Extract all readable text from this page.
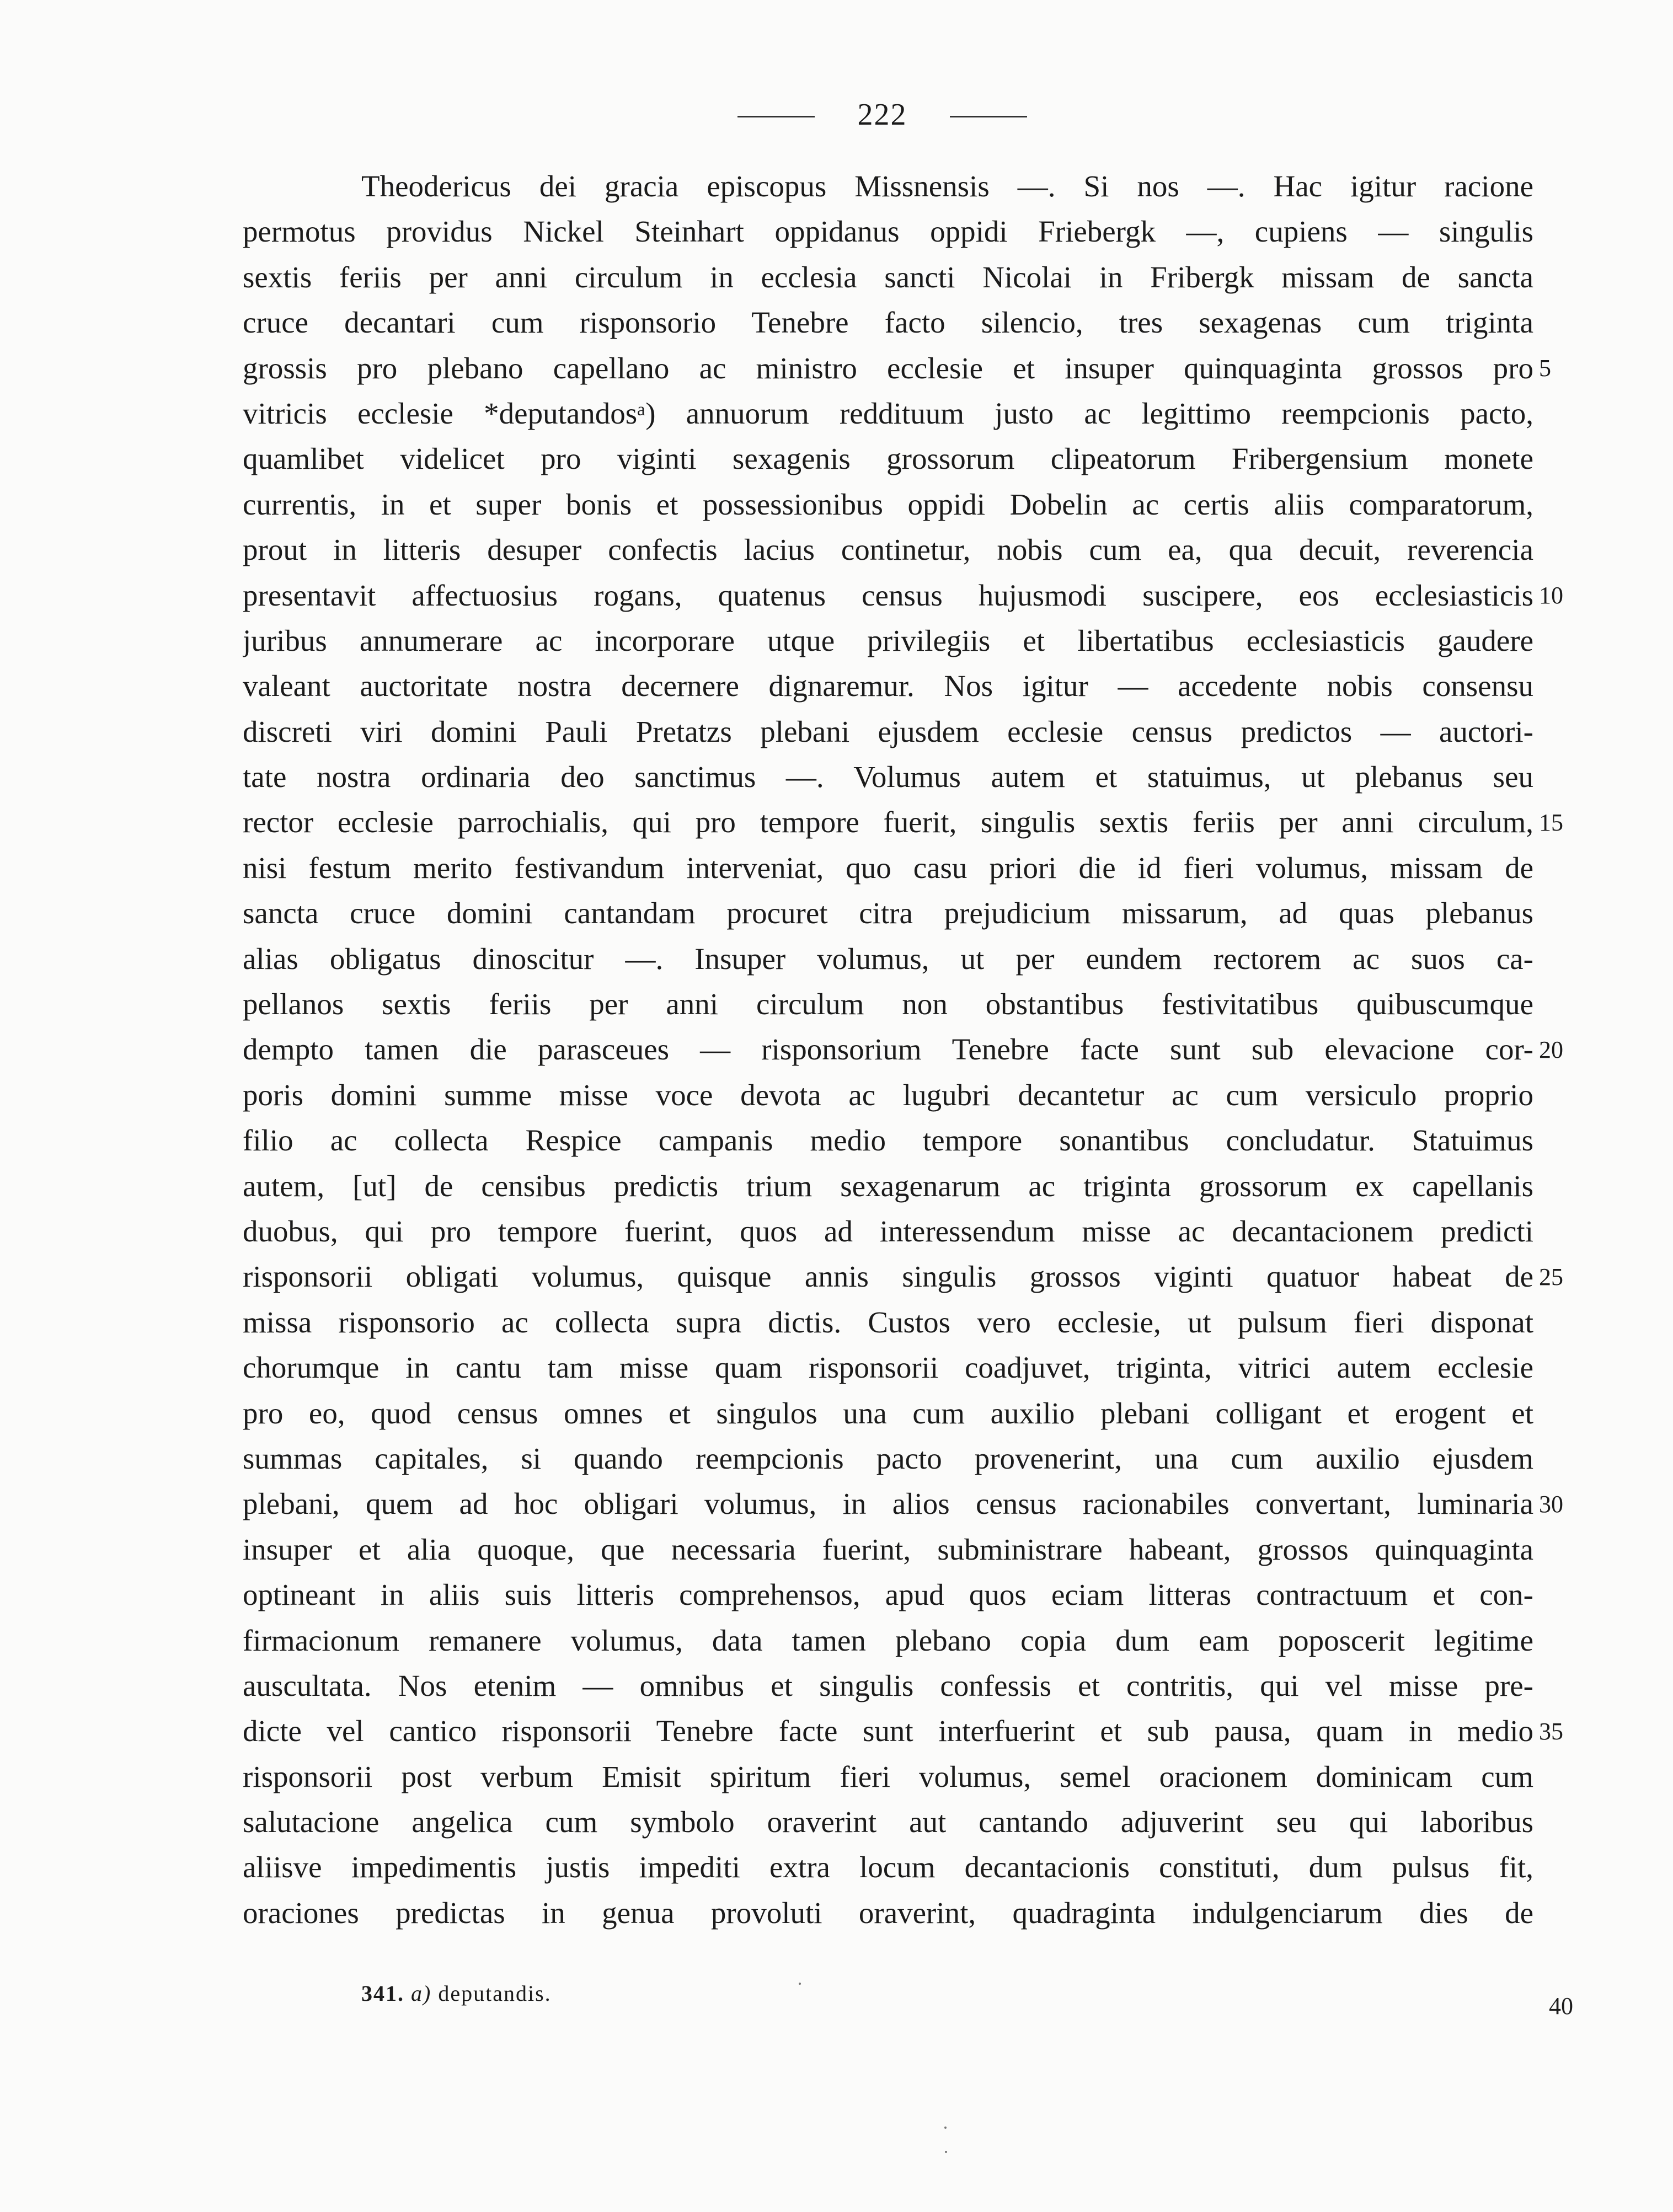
222
Theodericus dei gracia episcopus Missnensis —. Si nos —. Hac igitur racione
permotus providus Nickel Steinhart oppidanus oppidi Friebergk —, cupiens — singulis
sextis feriis per anni circulum in ecclesia sancti Nicolai in Fribergk missam de sancta
cruce decantari cum risponsorio Tenebre facto silencio, tres sexagenas cum triginta
grossis pro plebano capellano ac ministro ecclesie et insuper quinquaginta grossos pro
vitricis ecclesie *deputandosᵃ) annuorum reddituum justo ac legittimo reempcionis pacto,
quamlibet videlicet pro viginti sexagenis grossorum clipeatorum Fribergensium monete
currentis, in et super bonis et possessionibus oppidi Dobelin ac certis aliis comparatorum,
prout in litteris desuper confectis lacius continetur, nobis cum ea, qua decuit, reverencia
presentavit affectuosius rogans, quatenus census hujusmodi suscipere, eos ecclesiasticis
juribus annumerare ac incorporare utque privilegiis et libertatibus ecclesiasticis gaudere
valeant auctoritate nostra decernere dignaremur. Nos igitur — accedente nobis consensu
discreti viri domini Pauli Pretatzs plebani ejusdem ecclesie census predictos — auctori-
tate nostra ordinaria deo sanctimus —. Volumus autem et statuimus, ut plebanus seu
rector ecclesie parrochialis, qui pro tempore fuerit, singulis sextis feriis per anni circulum,
nisi festum merito festivandum interveniat, quo casu priori die id fieri volumus, missam de
sancta cruce domini cantandam procuret citra prejudicium missarum, ad quas plebanus
alias obligatus dinoscitur —. Insuper volumus, ut per eundem rectorem ac suos ca-
pellanos sextis feriis per anni circulum non obstantibus festivitatibus quibuscumque
dempto tamen die parasceues — risponsorium Tenebre facte sunt sub elevacione cor-
poris domini summe misse voce devota ac lugubri decantetur ac cum versiculo proprio
filio ac collecta Respice campanis medio tempore sonantibus concludatur. Statuimus
autem, [ut] de censibus predictis trium sexagenarum ac triginta grossorum ex capellanis
duobus, qui pro tempore fuerint, quos ad interessendum misse ac decantacionem predicti
risponsorii obligati volumus, quisque annis singulis grossos viginti quatuor habeat de
missa risponsorio ac collecta supra dictis. Custos vero ecclesie, ut pulsum fieri disponat
chorumque in cantu tam misse quam risponsorii coadjuvet, triginta, vitrici autem ecclesie
pro eo, quod census omnes et singulos una cum auxilio plebani colligant et erogent et
summas capitales, si quando reempcionis pacto provenerint, una cum auxilio ejusdem
plebani, quem ad hoc obligari volumus, in alios census racionabiles convertant, luminaria
insuper et alia quoque, que necessaria fuerint, subministrare habeant, grossos quinquaginta
optineant in aliis suis litteris comprehensos, apud quos eciam litteras contractuum et con-
firmacionum remanere volumus, data tamen plebano copia dum eam poposcerit legitime
auscultata. Nos etenim — omnibus et singulis confessis et contritis, qui vel misse pre-
dicte vel cantico risponsorii Tenebre facte sunt interfuerint et sub pausa, quam in medio
risponsorii post verbum Emisit spiritum fieri volumus, semel oracionem dominicam cum
salutacione angelica cum symbolo oraverint aut cantando adjuverint seu qui laboribus
aliisve impedimentis justis impediti extra locum decantacionis constituti, dum pulsus fit,
oraciones predictas in genua provoluti oraverint, quadraginta indulgenciarum dies de
5
10
15
20
25
30
35
341. a) deputandis.	40
